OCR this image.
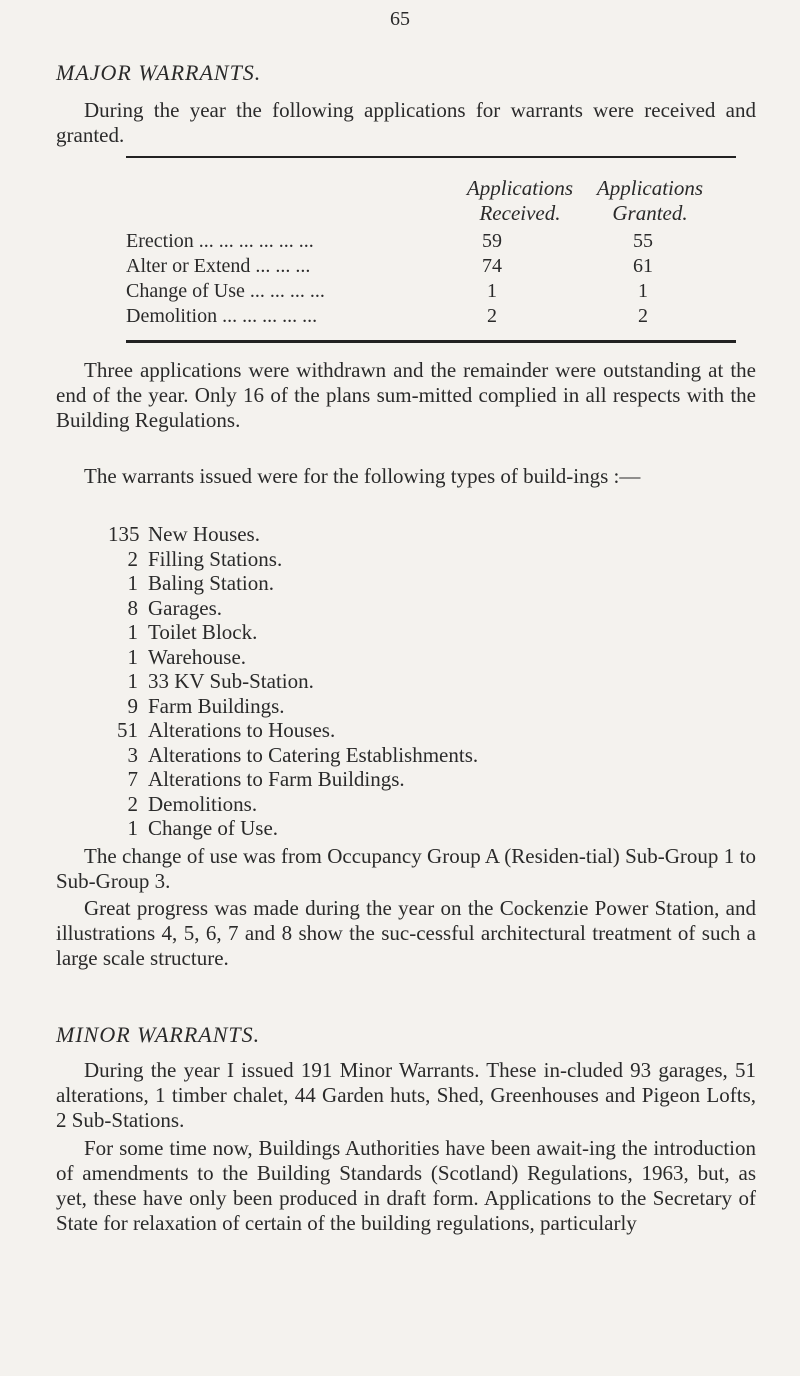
65
MAJOR WARRANTS.
During the year the following applications for warrants were received and granted.
Applications
Received.
Applications
Granted.
Erection ... ... ... ... ... ...	59	55
Alter or Extend ... ... ...	74	61
Change of Use ... ... ... ...	1	1
Demolition ... ... ... ... ...	2	2
Three applications were withdrawn and the remainder were outstanding at the end of the year. Only 16 of the plans sum-mitted complied in all respects with the Building Regulations.
The warrants issued were for the following types of build-ings :—
135 New Houses.
2 Filling Stations.
1 Baling Station.
8 Garages.
1 Toilet Block.
1 Warehouse.
1 33 KV Sub-Station.
9 Farm Buildings.
51 Alterations to Houses.
3 Alterations to Catering Establishments.
7 Alterations to Farm Buildings.
2 Demolitions.
1 Change of Use.
The change of use was from Occupancy Group A (Residen-tial) Sub-Group 1 to Sub-Group 3.
Great progress was made during the year on the Cockenzie Power Station, and illustrations 4, 5, 6, 7 and 8 show the suc-cessful architectural treatment of such a large scale structure.
MINOR WARRANTS.
During the year I issued 191 Minor Warrants. These in-cluded 93 garages, 51 alterations, 1 timber chalet, 44 Garden huts, Shed, Greenhouses and Pigeon Lofts, 2 Sub-Stations.
For some time now, Buildings Authorities have been await-ing the introduction of amendments to the Building Standards (Scotland) Regulations, 1963, but, as yet, these have only been produced in draft form. Applications to the Secretary of State for relaxation of certain of the building regulations, particularly
